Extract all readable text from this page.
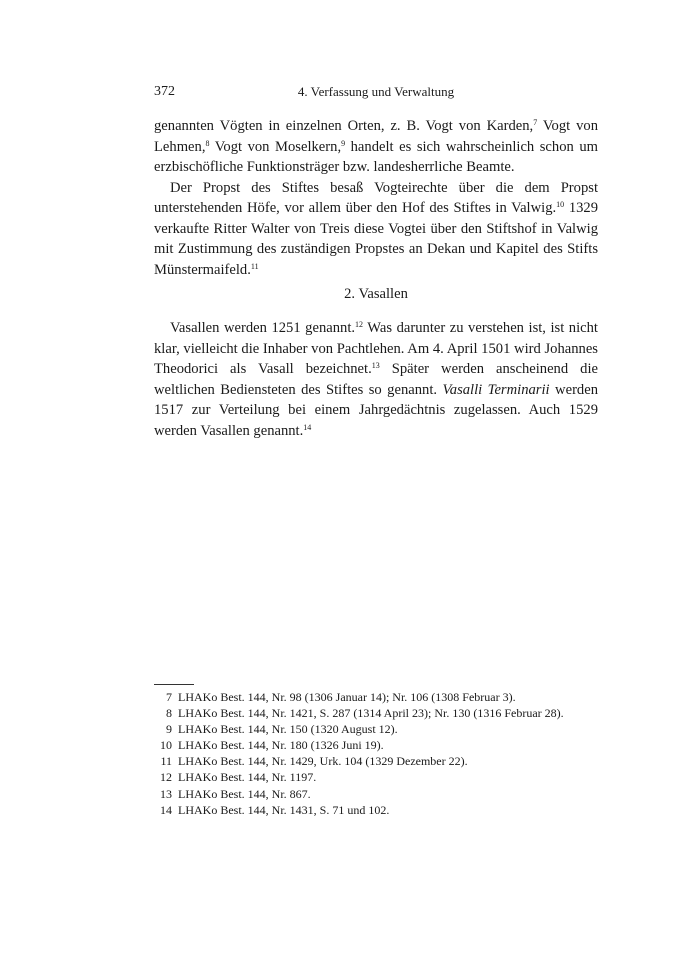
372	4. Verfassung und Verwaltung

genannten Vögten in einzelnen Orten, z. B. Vogt von Karden,$^7$ Vogt von Lehmen,$^8$ Vogt von Moselkern,$^9$ handelt es sich wahrscheinlich schon um erzbischöfliche Funktionsträger bzw. landesherrliche Beamte.

Der Propst des Stiftes besaß Vogteirechte über die dem Propst unterstehenden Höfe, vor allem über den Hof des Stiftes in Valwig.$^{10}$ 1329 verkaufte Ritter Walter von Treis diese Vogtei über den Stiftshof in Valwig mit Zustimmung des zuständigen Propstes an Dekan und Kapitel des Stifts Münstermaifeld.$^{11}$

2. Vasallen

Vasallen werden 1251 genannt.$^{12}$ Was darunter zu verstehen ist, ist nicht klar, vielleicht die Inhaber von Pachtlehen. Am 4. April 1501 wird Johannes Theodorici als Vasall bezeichnet.$^{13}$ Später werden anscheinend die weltlichen Bediensteten des Stiftes so genannt. Vasalli Terminarii werden 1517 zur Verteilung bei einem Jahrgedächtnis zugelassen. Auch 1529 werden Vasallen genannt.$^{14}$

7 LHAKo Best. 144, Nr. 98 (1306 Januar 14); Nr. 106 (1308 Februar 3).
8 LHAKo Best. 144, Nr. 1421, S. 287 (1314 April 23); Nr. 130 (1316 Februar 28).
9 LHAKo Best. 144, Nr. 150 (1320 August 12).
10 LHAKo Best. 144, Nr. 180 (1326 Juni 19).
11 LHAKo Best. 144, Nr. 1429, Urk. 104 (1329 Dezember 22).
12 LHAKo Best. 144, Nr. 1197.
13 LHAKo Best. 144, Nr. 867.
14 LHAKo Best. 144, Nr. 1431, S. 71 und 102.
